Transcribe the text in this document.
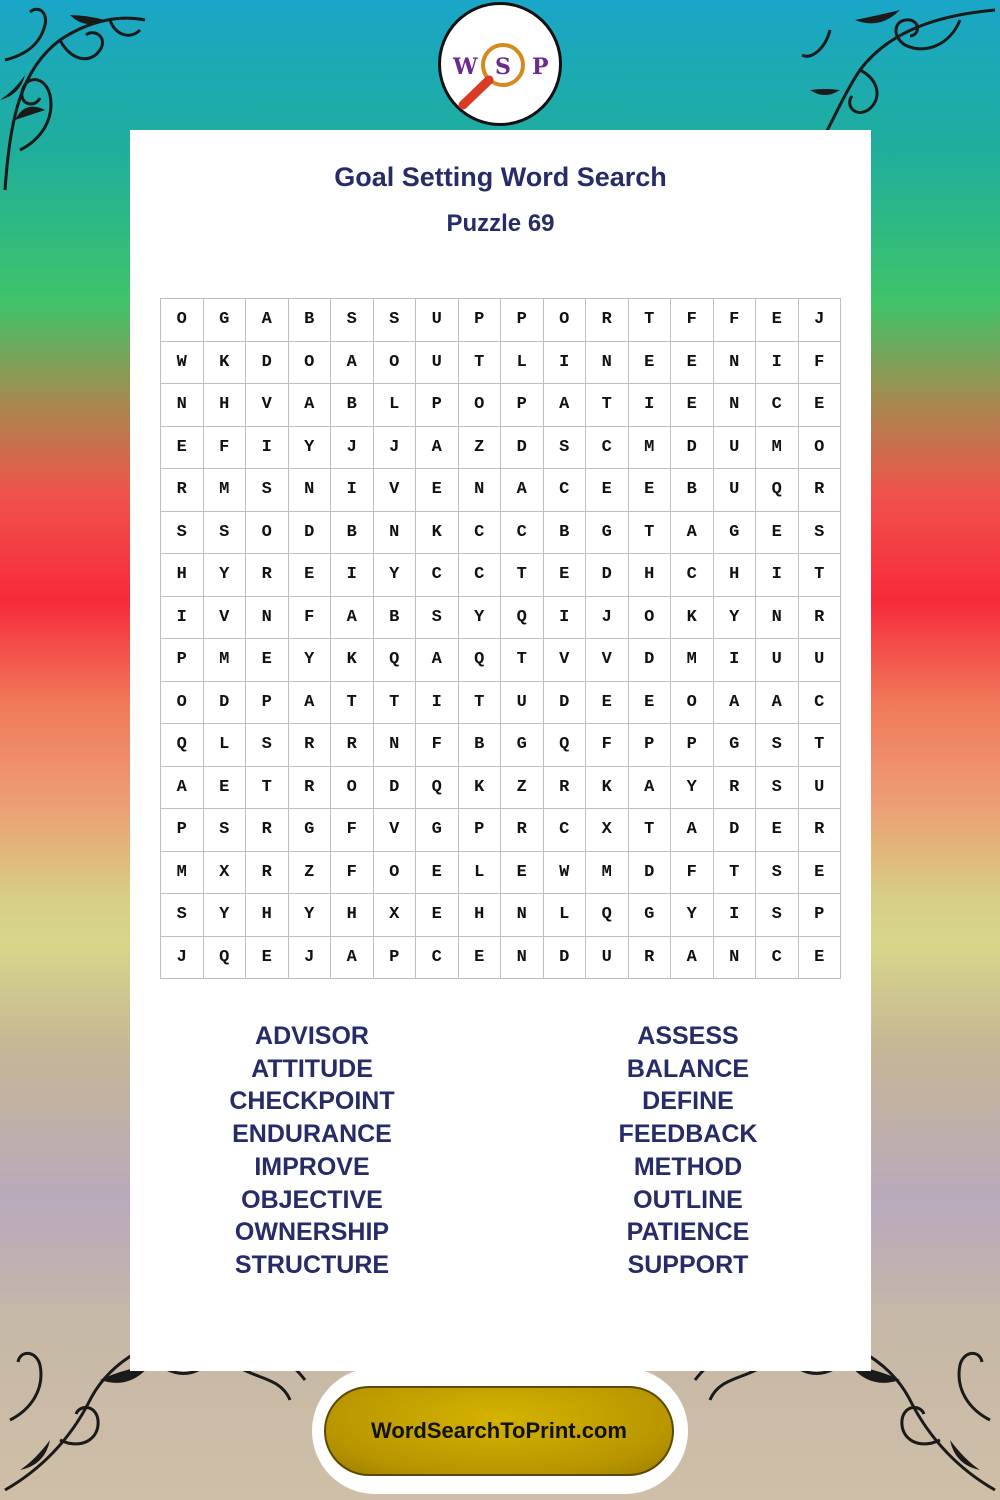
W S P
Goal Setting Word Search
Puzzle 69
O	G	A	B	S	S	U	P	P	O	R	T	F	F	E	J
W	K	D	O	A	O	U	T	L	I	N	E	E	N	I	F
N	H	V	A	B	L	P	O	P	A	T	I	E	N	C	E
E	F	I	Y	J	J	A	Z	D	S	C	M	D	U	M	O
R	M	S	N	I	V	E	N	A	C	E	E	B	U	Q	R
S	S	O	D	B	N	K	C	C	B	G	T	A	G	E	S
H	Y	R	E	I	Y	C	C	T	E	D	H	C	H	I	T
I	V	N	F	A	B	S	Y	Q	I	J	O	K	Y	N	R
P	M	E	Y	K	Q	A	Q	T	V	V	D	M	I	U	U
O	D	P	A	T	T	I	T	U	D	E	E	O	A	A	C
Q	L	S	R	R	N	F	B	G	Q	F	P	P	G	S	T
A	E	T	R	O	D	Q	K	Z	R	K	A	Y	R	S	U
P	S	R	G	F	V	G	P	R	C	X	T	A	D	E	R
M	X	R	Z	F	O	E	L	E	W	M	D	F	T	S	E
S	Y	H	Y	H	X	E	H	N	L	Q	G	Y	I	S	P
J	Q	E	J	A	P	C	E	N	D	U	R	A	N	C	E
ADVISOR
ATTITUDE
CHECKPOINT
ENDURANCE
IMPROVE
OBJECTIVE
OWNERSHIP
STRUCTURE
ASSESS
BALANCE
DEFINE
FEEDBACK
METHOD
OUTLINE
PATIENCE
SUPPORT
WordSearchToPrint.com
